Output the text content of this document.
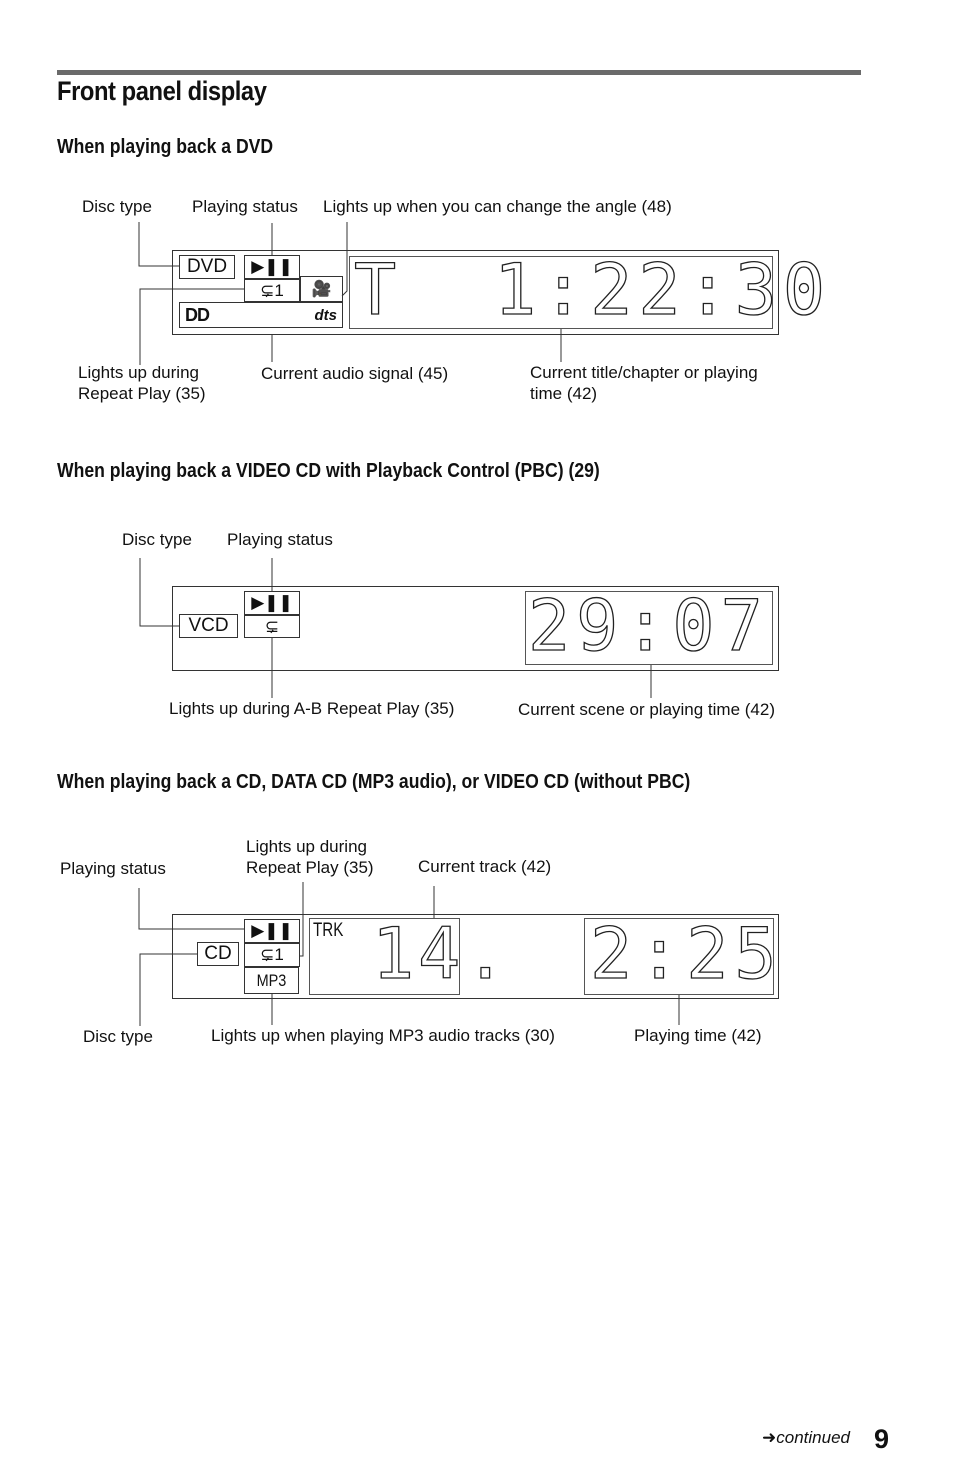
Front panel display
When playing back a DVD
Disc type Playing status Lights up when you can change the angle (48)
Lights up during
Repeat Play (35)
Current audio signal (45)	Current title/chapter or playing
time (42)
DVD	▶❚❚
⊊1	🎥
DD	dts T 1:22:30
When playing back a VIDEO CD with Playback Control (PBC) (29)
Disc type Playing status
Lights up during A-B Repeat Play (35)	Current scene or playing time (42)
VCD
▶❚❚
⊊	29:07
When playing back a CD, DATA CD (MP3 audio), or VIDEO CD (without PBC)
Playing status
Lights up during
Repeat Play (35)	Current track (42)
Disc type	Lights up when playing MP3 audio tracks (30)	Playing time (42)
CD
▶❚❚
⊊1
MP3
TRK 14. 2:25
➜continued 9
